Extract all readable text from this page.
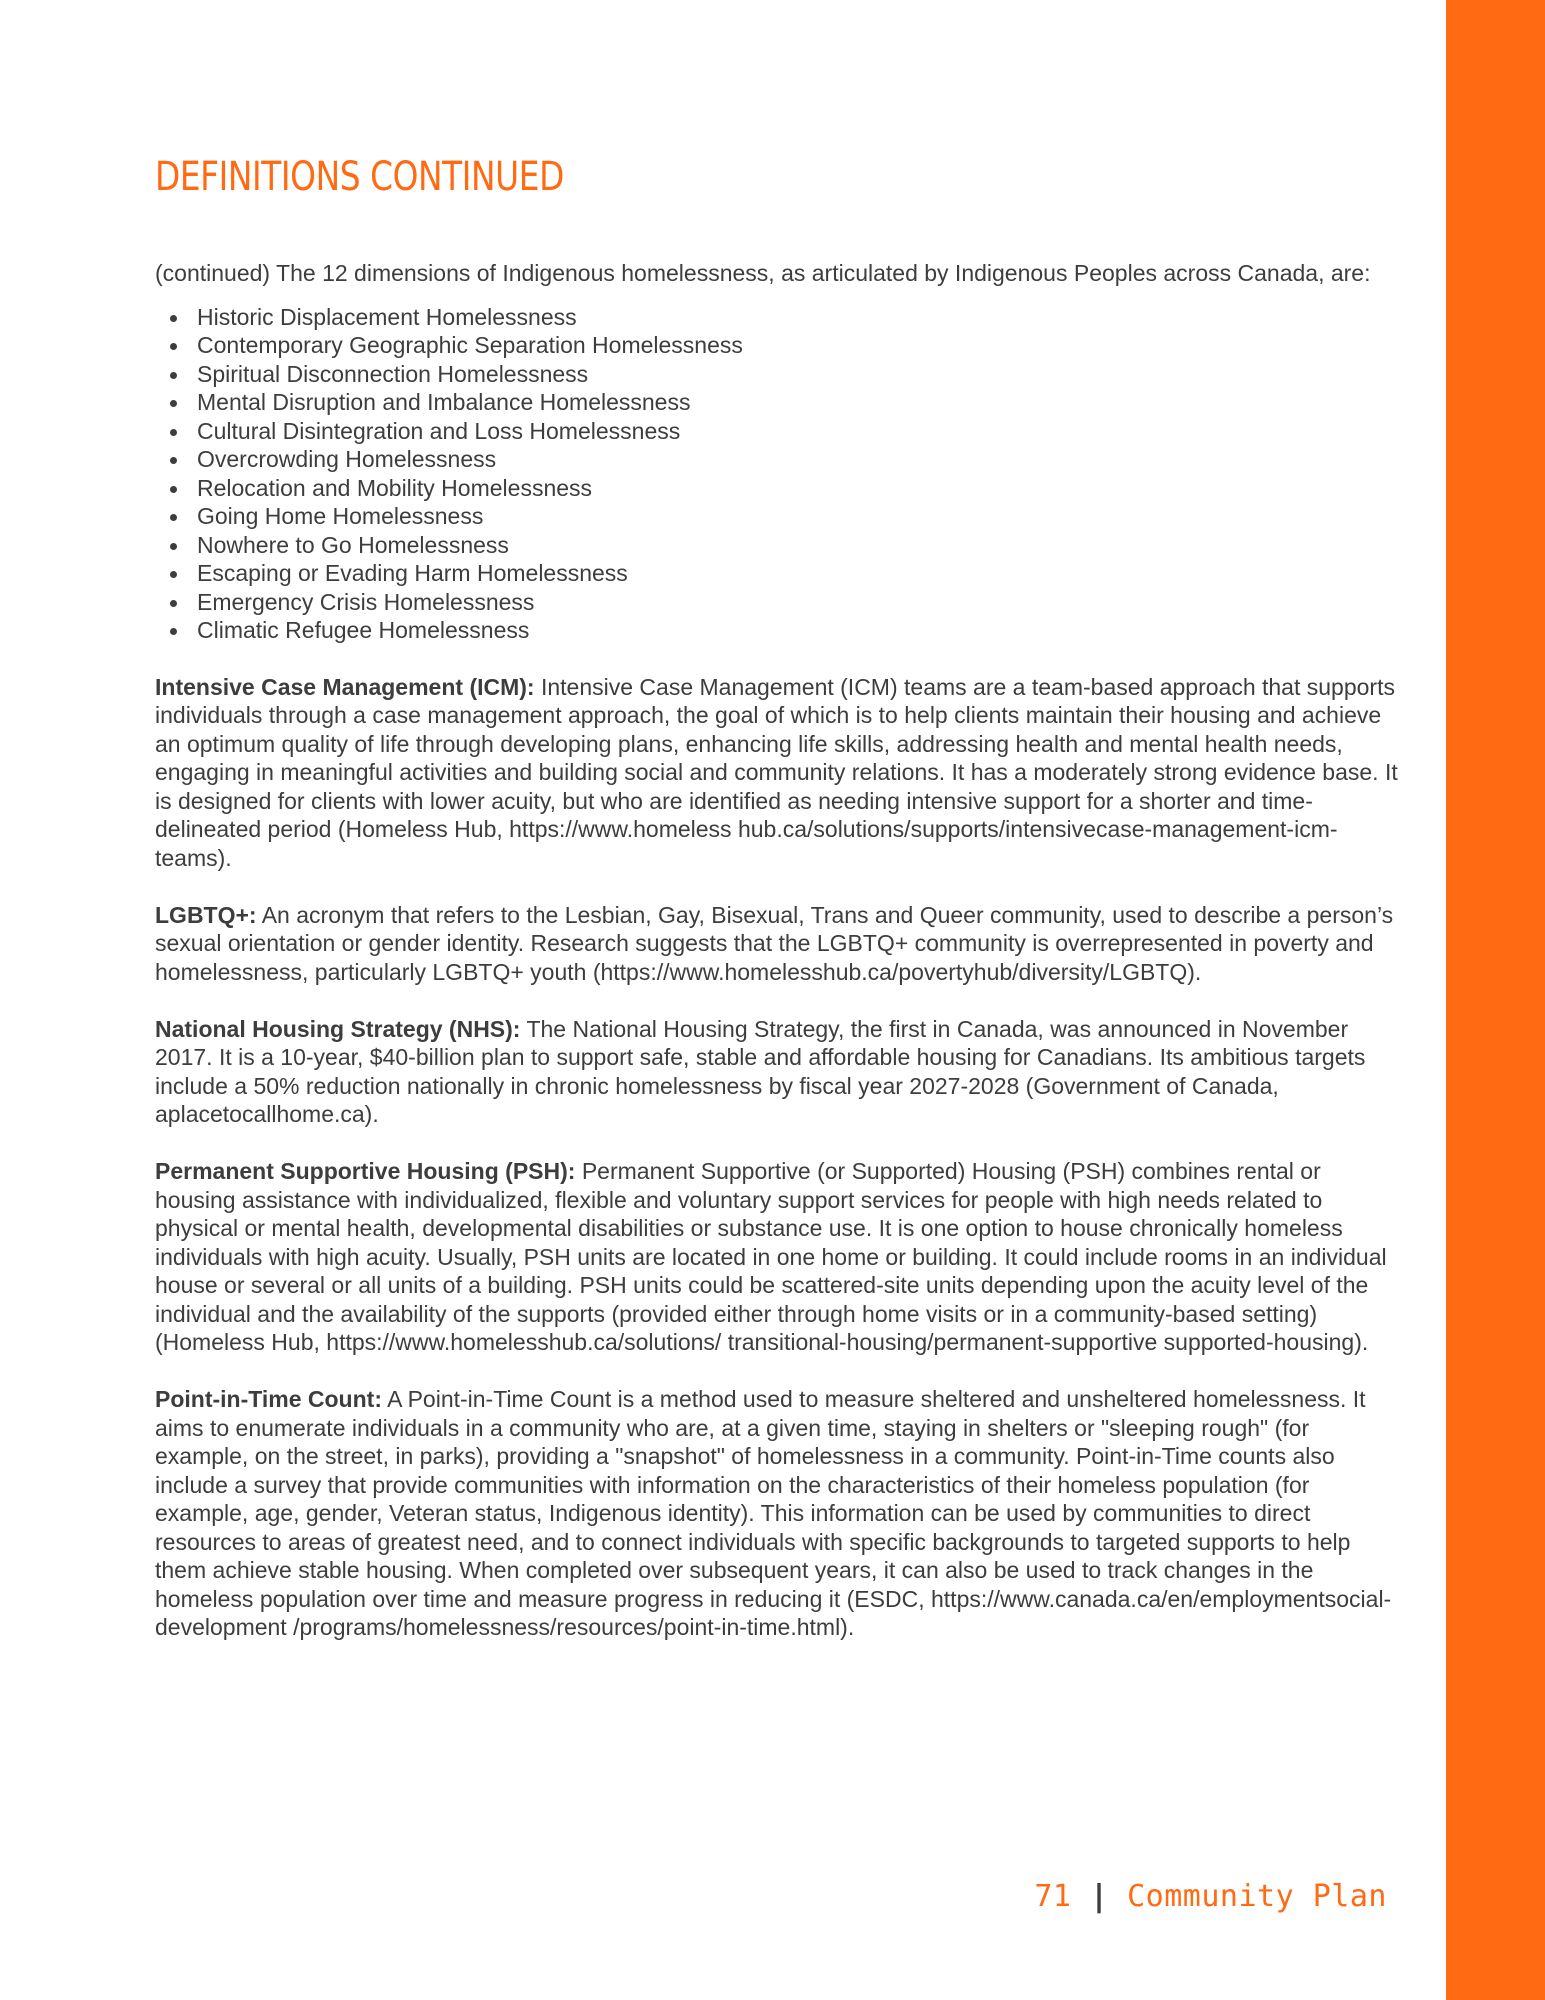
DEFINITIONS CONTINUED

(continued) The 12 dimensions of Indigenous homelessness, as articulated by Indigenous Peoples across Canada, are:

Historic Displacement Homelessness
Contemporary Geographic Separation Homelessness
Spiritual Disconnection Homelessness
Mental Disruption and Imbalance Homelessness
Cultural Disintegration and Loss Homelessness
Overcrowding Homelessness
Relocation and Mobility Homelessness
Going Home Homelessness
Nowhere to Go Homelessness
Escaping or Evading Harm Homelessness
Emergency Crisis Homelessness
Climatic Refugee Homelessness

Intensive Case Management (ICM): Intensive Case Management (ICM) teams are a team-based approach that supports individuals through a case management approach, the goal of which is to help clients maintain their housing and achieve an optimum quality of life through developing plans, enhancing life skills, addressing health and mental health needs, engaging in meaningful activities and building social and community relations. It has a moderately strong evidence base. It is designed for clients with lower acuity, but who are identified as needing intensive support for a shorter and time-delineated period (Homeless Hub, https://www.homeless hub.ca/solutions/supports/intensivecase-management-icm-teams).

LGBTQ+: An acronym that refers to the Lesbian, Gay, Bisexual, Trans and Queer community, used to describe a person’s sexual orientation or gender identity. Research suggests that the LGBTQ+ community is overrepresented in poverty and homelessness, particularly LGBTQ+ youth (https://www.homelesshub.ca/povertyhub/diversity/LGBTQ).

National Housing Strategy (NHS): The National Housing Strategy, the first in Canada, was announced in November 2017. It is a 10-year, $40-billion plan to support safe, stable and affordable housing for Canadians. Its ambitious targets include a 50% reduction nationally in chronic homelessness by fiscal year 2027-2028 (Government of Canada, aplacetocallhome.ca).

Permanent Supportive Housing (PSH): Permanent Supportive (or Supported) Housing (PSH) combines rental or housing assistance with individualized, flexible and voluntary support services for people with high needs related to physical or mental health, developmental disabilities or substance use. It is one option to house chronically homeless individuals with high acuity. Usually, PSH units are located in one home or building. It could include rooms in an individual house or several or all units of a building. PSH units could be scattered-site units depending upon the acuity level of the individual and the availability of the supports (provided either through home visits or in a community-based setting) (Homeless Hub, https://www.homelesshub.ca/solutions/ transitional-housing/permanent-supportive supported-housing).

Point-in-Time Count: A Point-in-Time Count is a method used to measure sheltered and unsheltered homelessness. It aims to enumerate individuals in a community who are, at a given time, staying in shelters or "sleeping rough" (for example, on the street, in parks), providing a "snapshot" of homelessness in a community. Point-in-Time counts also include a survey that provide communities with information on the characteristics of their homeless population (for example, age, gender, Veteran status, Indigenous identity). This information can be used by communities to direct resources to areas of greatest need, and to connect individuals with specific backgrounds to targeted supports to help them achieve stable housing. When completed over subsequent years, it can also be used to track changes in the homeless population over time and measure progress in reducing it (ESDC, https://www.canada.ca/en/employmentsocial-development /programs/homelessness/resources/point-in-time.html).

71 | Community Plan
